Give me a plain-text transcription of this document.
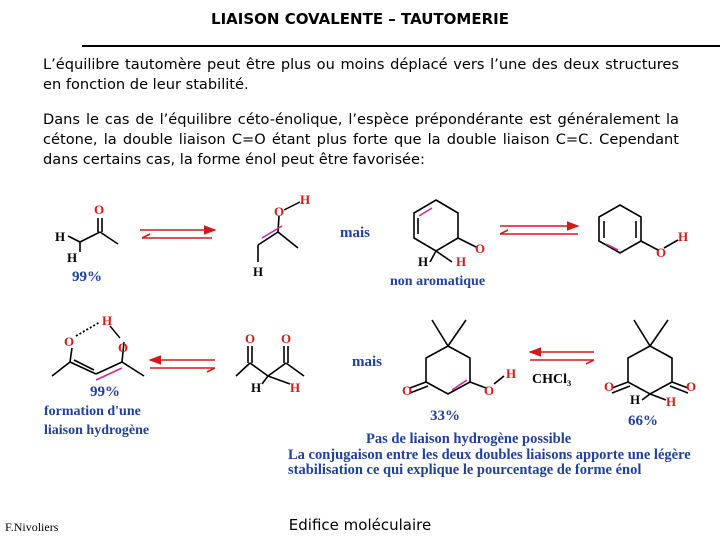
LIAISON COVALENTE – TAUTOMERIE
L’équilibre tautomère peut être plus ou moins déplacé vers l’une des deux structures en fonction de leur stabilité.
Dans le cas de l’équilibre céto-énolique, l’espèce prépondérante est généralement la cétone, la double liaison C=O étant plus forte que la double liaison C=C. Cependant dans certains cas, la forme énol peut être favorisée:
O
H
H
99%
O
H
H
mais
O
H H
non aromatique
O
H
O	O
H
99%
formation d'une
liaison hydrogène
O O
H H
mais
O	O
H
33%
CHCl₃	O	O
H H
66%
Pas de liaison hydrogène possible
La conjugaison entre les deux doubles liaisons apporte une légère stabilisation ce qui explique le pourcentage de forme énol
F.Nivoliers	Edifice moléculaire
